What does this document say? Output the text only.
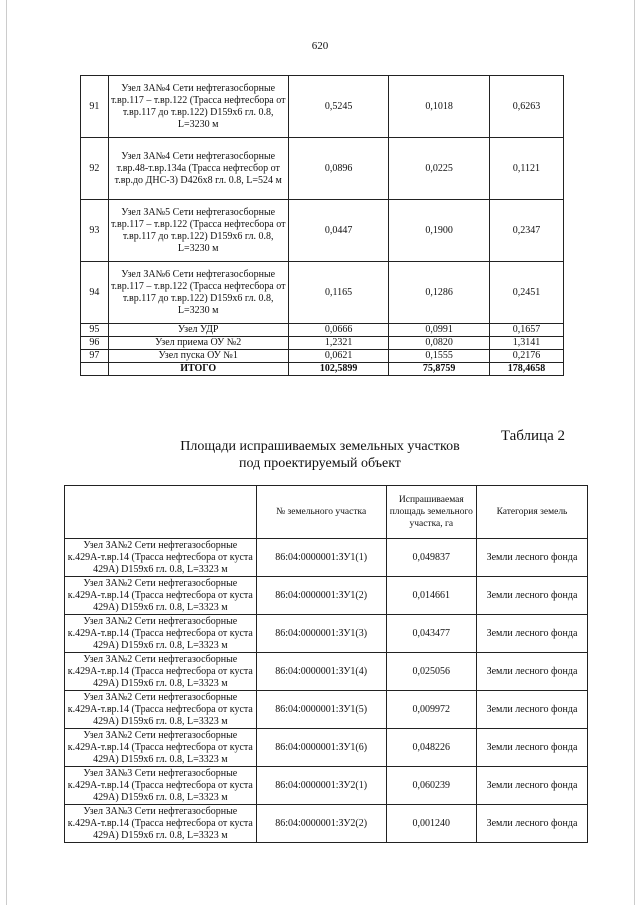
620
91	Узел ЗА№4 Сети нефтегазосборные т.вр.117 – т.вр.122 (Трасса нефтесбора от т.вр.117 до т.вр.122) D159х6 гл. 0.8, L=3230 м	0,5245	0,1018	0,6263
92	Узел ЗА№4 Сети нефтегазосборные т.вр.48-т.вр.134а (Трасса нефтесбор от т.вр.до ДНС-3) D426х8 гл. 0.8, L=524 м	0,0896	0,0225	0,1121
93	Узел ЗА№5 Сети нефтегазосборные т.вр.117 – т.вр.122 (Трасса нефтесбора от т.вр.117 до т.вр.122) D159х6 гл. 0.8, L=3230 м	0,0447	0,1900	0,2347
94	Узел ЗА№6 Сети нефтегазосборные т.вр.117 – т.вр.122 (Трасса нефтесбора от т.вр.117 до т.вр.122) D159х6 гл. 0.8, L=3230 м	0,1165	0,1286	0,2451
95	Узел УДР	0,0666	0,0991	0,1657
96	Узел приема ОУ №2	1,2321	0,0820	1,3141
97	Узел пуска ОУ №1	0,0621	0,1555	0,2176
	ИТОГО	102,5899	75,8759	178,4658
Таблица 2
Площади испрашиваемых земельных участков
под проектируемый объект
	№ земельного участка	Испрашиваемая площадь земельного участка, га	Категория земель
Узел ЗА№2 Сети нефтегазосборные к.429А-т.вр.14 (Трасса нефтесбора от куста 429А) D159х6 гл. 0.8, L=3323 м	86:04:0000001:ЗУ1(1)	0,049837	Земли лесного фонда
Узел ЗА№2 Сети нефтегазосборные к.429А-т.вр.14 (Трасса нефтесбора от куста 429А) D159х6 гл. 0.8, L=3323 м	86:04:0000001:ЗУ1(2)	0,014661	Земли лесного фонда
Узел ЗА№2 Сети нефтегазосборные к.429А-т.вр.14 (Трасса нефтесбора от куста 429А) D159х6 гл. 0.8, L=3323 м	86:04:0000001:ЗУ1(3)	0,043477	Земли лесного фонда
Узел ЗА№2 Сети нефтегазосборные к.429А-т.вр.14 (Трасса нефтесбора от куста 429А) D159х6 гл. 0.8, L=3323 м	86:04:0000001:ЗУ1(4)	0,025056	Земли лесного фонда
Узел ЗА№2 Сети нефтегазосборные к.429А-т.вр.14 (Трасса нефтесбора от куста 429А) D159х6 гл. 0.8, L=3323 м	86:04:0000001:ЗУ1(5)	0,009972	Земли лесного фонда
Узел ЗА№2 Сети нефтегазосборные к.429А-т.вр.14 (Трасса нефтесбора от куста 429А) D159х6 гл. 0.8, L=3323 м	86:04:0000001:ЗУ1(6)	0,048226	Земли лесного фонда
Узел ЗА№3 Сети нефтегазосборные к.429А-т.вр.14 (Трасса нефтесбора от куста 429А) D159х6 гл. 0.8, L=3323 м	86:04:0000001:ЗУ2(1)	0,060239	Земли лесного фонда
Узел ЗА№3 Сети нефтегазосборные к.429А-т.вр.14 (Трасса нефтесбора от куста 429А) D159х6 гл. 0.8, L=3323 м	86:04:0000001:ЗУ2(2)	0,001240	Земли лесного фонда
